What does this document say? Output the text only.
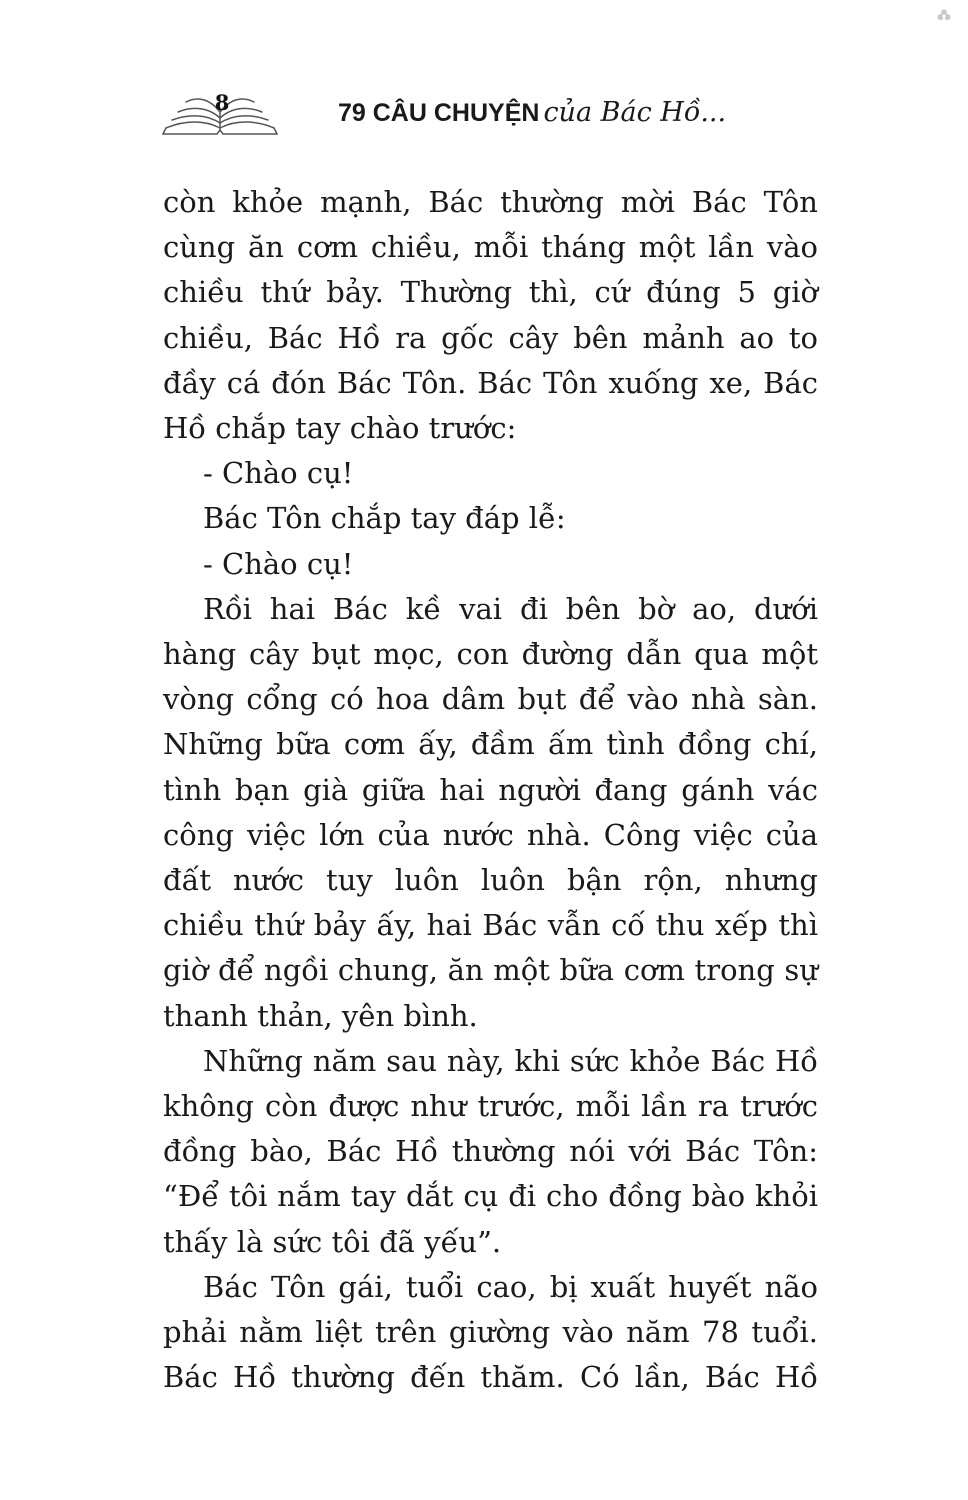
8	79 CÂU CHUYỆN của Bác Hồ...

còn khỏe mạnh, Bác thường mời Bác Tôn cùng ăn cơm chiều, mỗi tháng một lần vào chiều thứ bảy. Thường thì, cứ đúng 5 giờ chiều, Bác Hồ ra gốc cây bên mảnh ao to đầy cá đón Bác Tôn. Bác Tôn xuống xe, Bác Hồ chắp tay chào trước:

- Chào cụ!

Bác Tôn chắp tay đáp lễ:

- Chào cụ!

Rồi hai Bác kề vai đi bên bờ ao, dưới hàng cây bụt mọc, con đường dẫn qua một vòng cổng có hoa dâm bụt để vào nhà sàn. Những bữa cơm ấy, đầm ấm tình đồng chí, tình bạn già giữa hai người đang gánh vác công việc lớn của nước nhà. Công việc của đất nước tuy luôn luôn bận rộn, nhưng chiều thứ bảy ấy, hai Bác vẫn cố thu xếp thì giờ để ngồi chung, ăn một bữa cơm trong sự thanh thản, yên bình.

Những năm sau này, khi sức khỏe Bác Hồ không còn được như trước, mỗi lần ra trước đồng bào, Bác Hồ thường nói với Bác Tôn: “Để tôi nắm tay dắt cụ đi cho đồng bào khỏi thấy là sức tôi đã yếu”.

Bác Tôn gái, tuổi cao, bị xuất huyết não phải nằm liệt trên giường vào năm 78 tuổi. Bác Hồ thường đến thăm. Có lần, Bác Hồ
